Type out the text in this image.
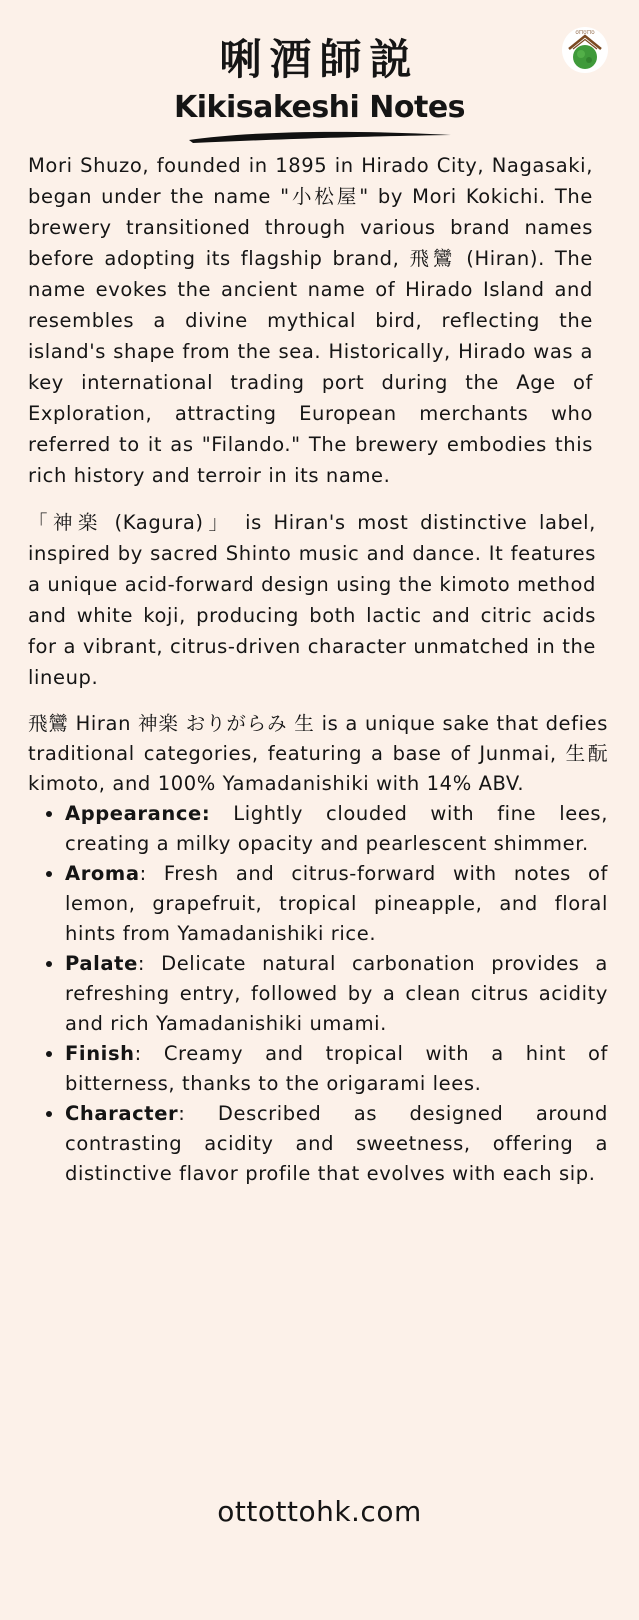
OTTOTTO
唎酒師説
Kikisakeshi Notes

Mori Shuzo, founded in 1895 in Hirado City, Nagasaki, began under the name "小松屋" by Mori Kokichi. The brewery transitioned through various brand names before adopting its flagship brand, 飛鸞 (Hiran). The name evokes the ancient name of Hirado Island and resembles a divine mythical bird, reflecting the island's shape from the sea. Historically, Hirado was a key international trading port during the Age of Exploration, attracting European merchants who referred to it as "Filando." The brewery embodies this rich history and terroir in its name.

「神楽 (Kagura)」 is Hiran's most distinctive label, inspired by sacred Shinto music and dance. It features a unique acid-forward design using the kimoto method and white koji, producing both lactic and citric acids for a vibrant, citrus-driven character unmatched in the lineup.

飛鸞 Hiran 神楽 おりがらみ 生 is a unique sake that defies traditional categories, featuring a base of Junmai, 生酛 kimoto, and 100% Yamadanishiki with 14% ABV.

• Appearance: Lightly clouded with fine lees, creating a milky opacity and pearlescent shimmer.
• Aroma: Fresh and citrus-forward with notes of lemon, grapefruit, tropical pineapple, and floral hints from Yamadanishiki rice.
• Palate: Delicate natural carbonation provides a refreshing entry, followed by a clean citrus acidity and rich Yamadanishiki umami.
• Finish: Creamy and tropical with a hint of bitterness, thanks to the origarami lees.
• Character: Described as designed around contrasting acidity and sweetness, offering a distinctive flavor profile that evolves with each sip.
ottottohk.com
